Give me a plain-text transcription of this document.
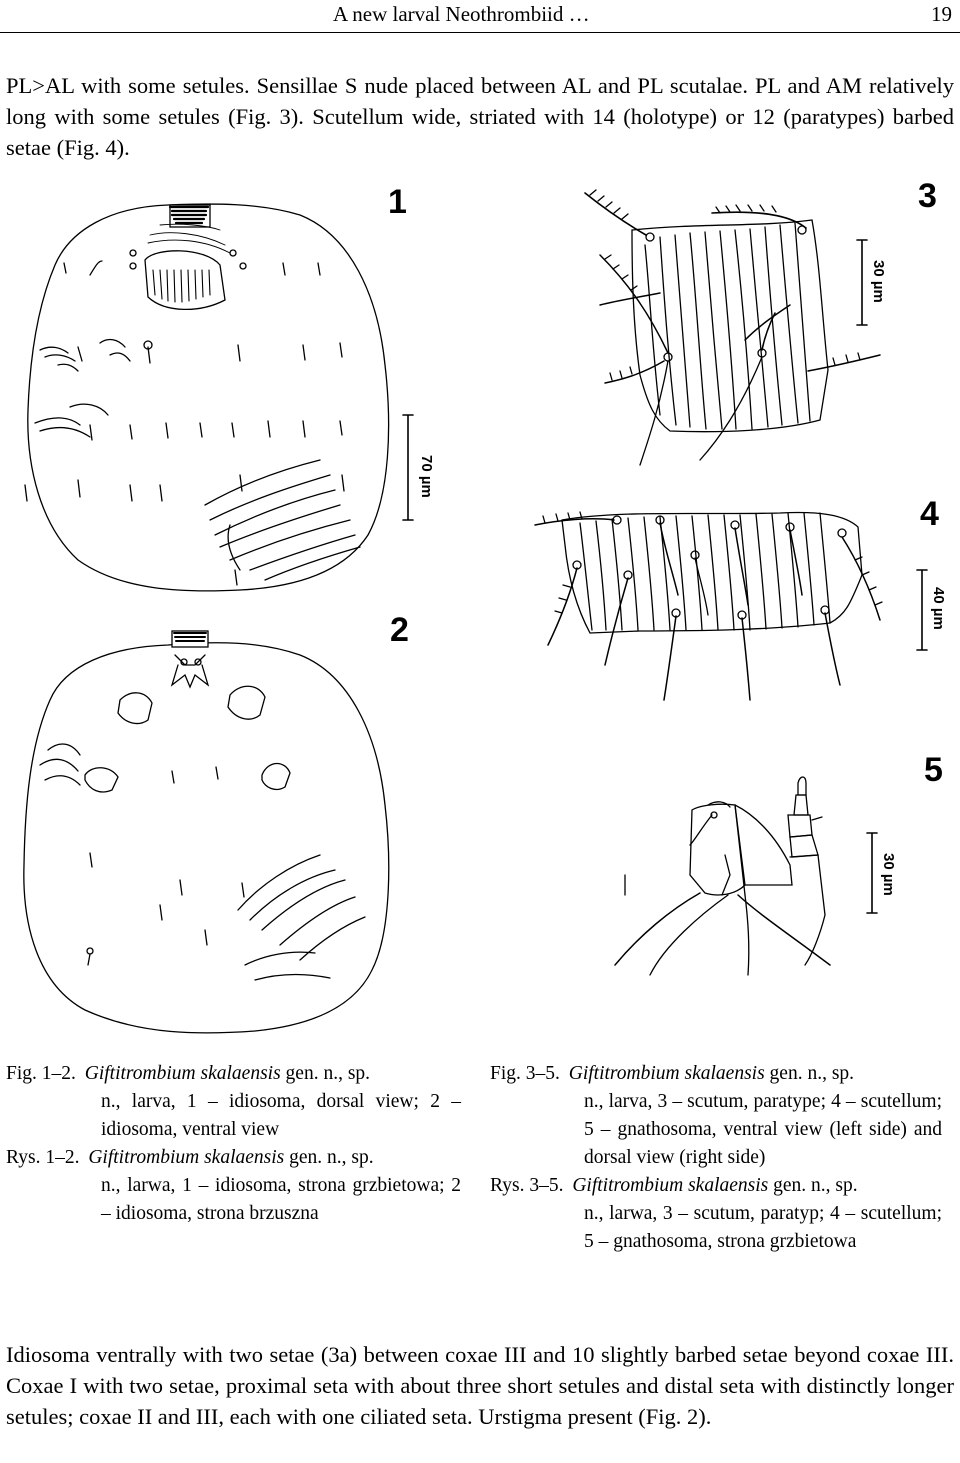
A new larval Neothrombiid …	19
PL>AL with some setules. Sensillae S nude placed between AL and PL scutalae. PL and AM relatively long with some setules (Fig. 3). Scutellum wide, striated with 14 (holotype) or 12 (paratypes) barbed setae (Fig. 4).
1
2
3
4
5
70 µm
30 µm
40 µm
30 µm
Fig. 1–2. Giftitrombium skalaensis gen. n., sp.
n., larva, 1 – idiosoma, dorsal view; 2 – idiosoma, ventral view
Rys. 1–2. Giftitrombium skalaensis gen. n., sp.
n., larwa, 1 – idiosoma, strona grzbietowa; 2 – idiosoma, strona brzuszna
Fig. 3–5. Giftitrombium skalaensis gen. n., sp.
n., larva, 3 – scutum, paratype; 4 – scutellum; 5 – gnathosoma, ventral view (left side) and dorsal view (right side)
Rys. 3–5. Giftitrombium skalaensis gen. n., sp.
n., larwa, 3 – scutum, paratyp; 4 – scutellum; 5 – gnathosoma, strona grzbietowa
Idiosoma ventrally with two setae (3a) between coxae III and 10 slightly barbed setae beyond coxae III. Coxae I with two setae, proximal seta with about three short setules and distal seta with distinctly longer setules; coxae II and III, each with one ciliated seta. Urstigma present (Fig. 2).
